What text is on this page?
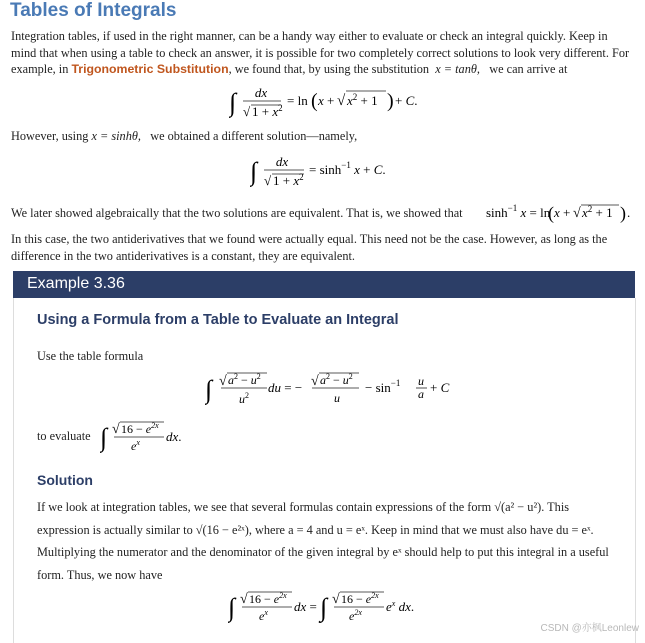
Tables of Integrals
Integration tables, if used in the right manner, can be a handy way either to evaluate or check an integral quickly. Keep in mind that when using a table to check an answer, it is possible for two completely correct solutions to look very different. For example, in Trigonometric Substitution, we found that, by using the substitution x = tanθ, we can arrive at
∫ dx
√ $1 + x^2 = \ln$ ( x + √ $x^2 + 1$ ) + C.
However, using x = sinhθ, we obtained a different solution—namely,
∫ dx
√ $1 + x^2 = \sinh^{-1} x + C$.
We later showed algebraically that the two solutions are equivalent. That is, we showed that	$\sinh^{-1} x = \ln$
( x + √ $x^2 + 1$ ) .
In this case, the two antiderivatives that we found were actually equal. This need not be the case. However, as long as the difference in the two antiderivatives is a constant, they are equivalent.
Example 3.36
Using a Formula from a Table to Evaluate an Integral
Use the table formula
∫ √ $a^2 - u^2$
$u^2$
du = − √ $a^2 - u^2$
u
− $\sin^{-1} u$
a + C
to evaluate ∫ √ $16 - e^{2x}$
$e^x$ dx.
Solution
If we look at integration tables, we see that several formulas contain expressions of the form √(a² − u²). This expression is actually similar to √(16 − e²ˣ), where a = 4 and u = eˣ. Keep in mind that we must also have du = eˣ. Multiplying the numerator and the denominator of the given integral by eˣ should help to put this integral in a useful form. Thus, we now have
∫ √ $16 - e^{2x}$
$e^x$ dx = ∫ √ $16 - e^{2x}$
$e^{2x}$ $e^x$ dx.
CSDN @亦枫Leonlew
